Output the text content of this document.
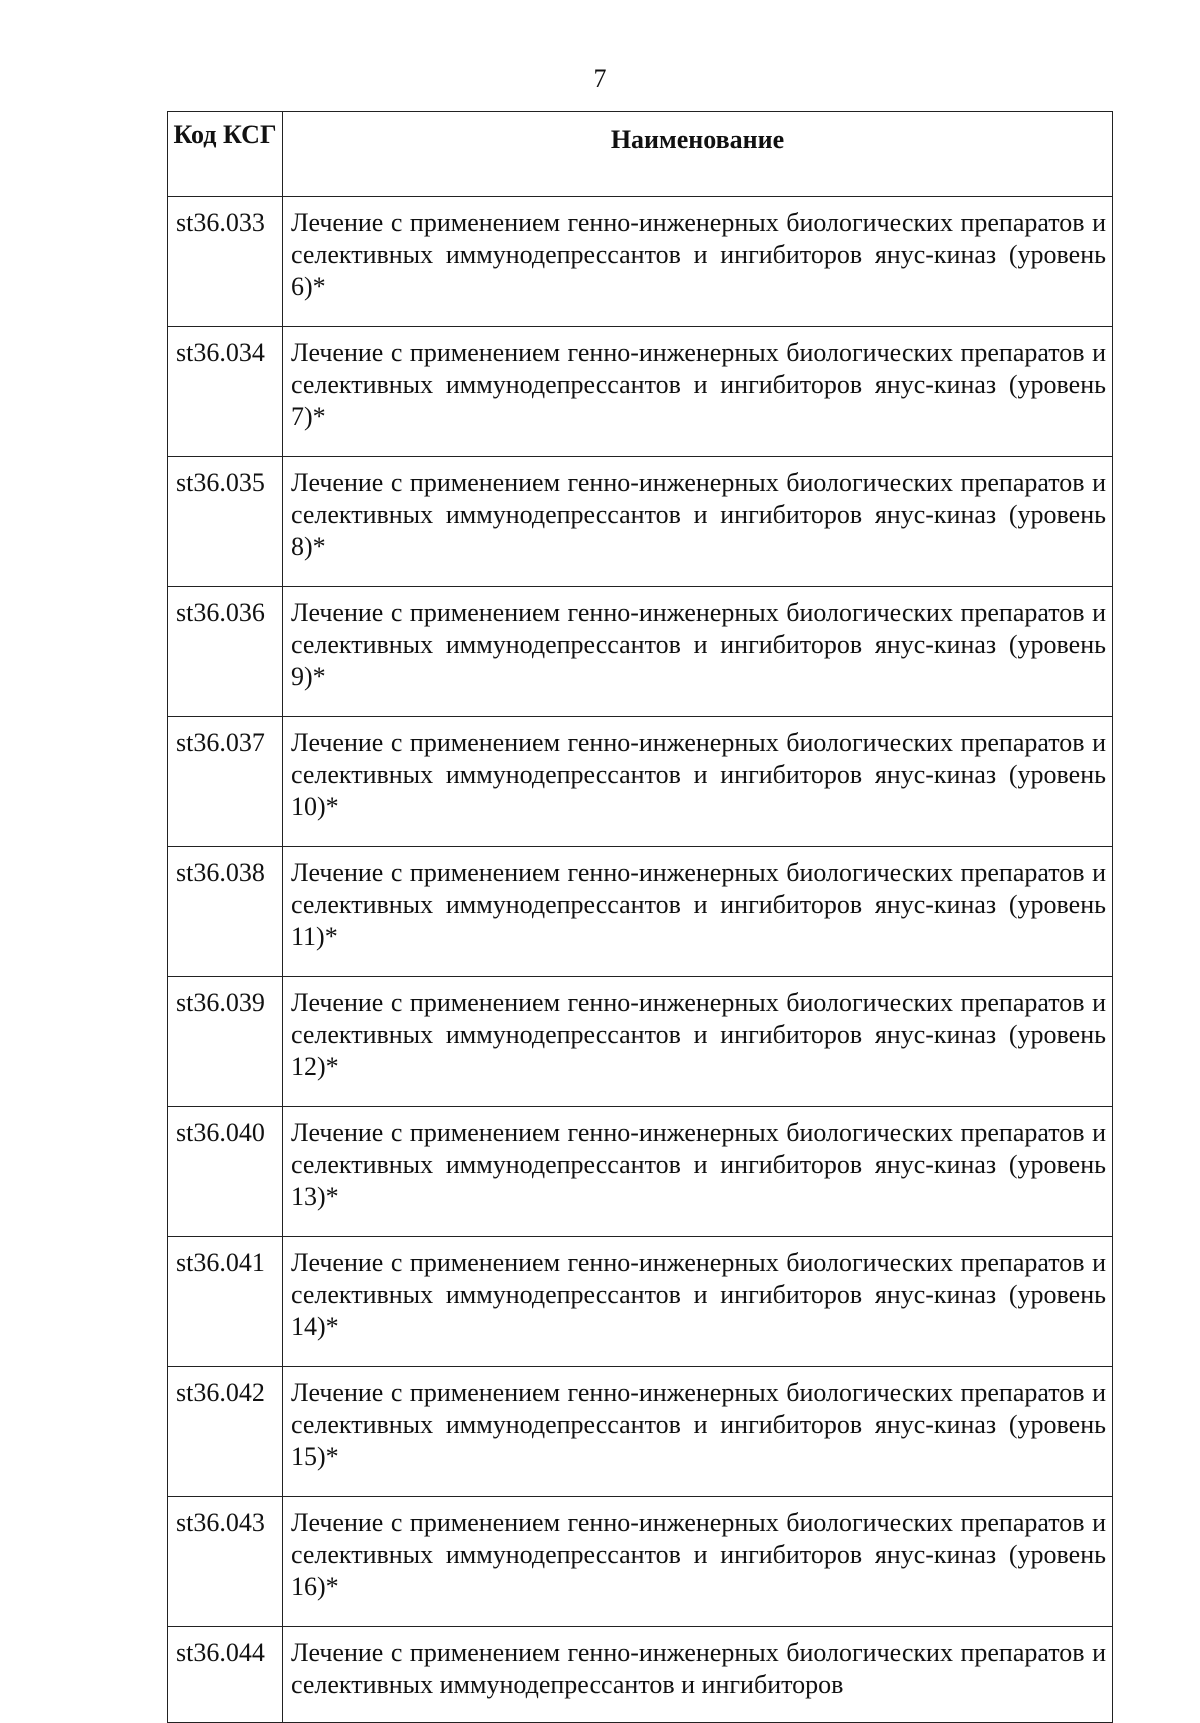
7
Код КСГ	Наименование
st36.033	Лечение с применением генно-инженерных биологических препаратов и селективных иммунодепрессантов и ингибиторов янус-киназ (уровень 6)*

st36.034	Лечение с применением генно-инженерных биологических препаратов и селективных иммунодепрессантов и ингибиторов янус-киназ (уровень 7)*

st36.035	Лечение с применением генно-инженерных биологических препаратов и селективных иммунодепрессантов и ингибиторов янус-киназ (уровень 8)*

st36.036	Лечение с применением генно-инженерных биологических препаратов и селективных иммунодепрессантов и ингибиторов янус-киназ (уровень 9)*

st36.037	Лечение с применением генно-инженерных биологических препаратов и селективных иммунодепрессантов и ингибиторов янус-киназ (уровень 10)*

st36.038	Лечение с применением генно-инженерных биологических препаратов и селективных иммунодепрессантов и ингибиторов янус-киназ (уровень 11)*

st36.039	Лечение с применением генно-инженерных биологических препаратов и селективных иммунодепрессантов и ингибиторов янус-киназ (уровень 12)*

st36.040	Лечение с применением генно-инженерных биологических препаратов и селективных иммунодепрессантов и ингибиторов янус-киназ (уровень 13)*

st36.041	Лечение с применением генно-инженерных биологических препаратов и селективных иммунодепрессантов и ингибиторов янус-киназ (уровень 14)*

st36.042	Лечение с применением генно-инженерных биологических препаратов и селективных иммунодепрессантов и ингибиторов янус-киназ (уровень 15)*

st36.043	Лечение с применением генно-инженерных биологических препаратов и селективных иммунодепрессантов и ингибиторов янус-киназ (уровень 16)*

st36.044	Лечение с применением генно-инженерных биологических препаратов и селективных иммунодепрессантов и ингибиторов
